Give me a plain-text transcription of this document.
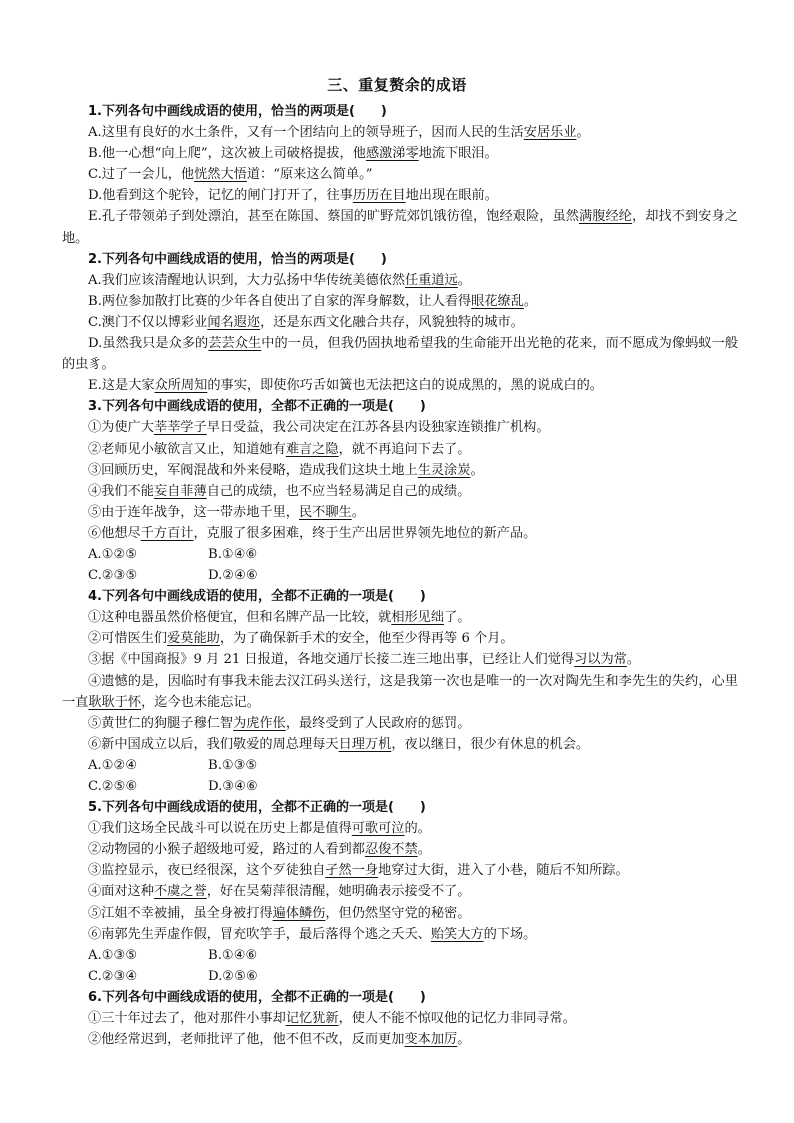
三、重复赘余的成语
1.下列各句中画线成语的使用，恰当的两项是(　　)
A.这里有良好的水土条件，又有一个团结向上的领导班子，因而人民的生活安居乐业。
B.他一心想“向上爬”，这次被上司破格提拔，他感激涕零地流下眼泪。
C.过了一会儿，他恍然大悟道：“原来这么简单。”
D.他看到这个驼铃，记忆的闸门打开了，往事历历在目地出现在眼前。
E.孔子带领弟子到处漂泊，甚至在陈国、蔡国的旷野荒郊饥饿彷徨，饱经艰险，虽然满腹经纶，却找不到安身之地。
2.下列各句中画线成语的使用，恰当的两项是(　　)
A.我们应该清醒地认识到，大力弘扬中华传统美德依然任重道远。
B.两位参加散打比赛的少年各自使出了自家的浑身解数，让人看得眼花缭乱。
C.澳门不仅以博彩业闻名遐迩，还是东西文化融合共存，风貌独特的城市。
D.虽然我只是众多的芸芸众生中的一员，但我仍固执地希望我的生命能开出光艳的花来，而不愿成为像蚂蚁一般的虫豸。
E.这是大家众所周知的事实，即使你巧舌如簧也无法把这白的说成黑的，黑的说成白的。
3.下列各句中画线成语的使用，全都不正确的一项是(　　)
①为使广大莘莘学子早日受益，我公司决定在江苏各县内设独家连锁推广机构。
②老师见小敏欲言又止，知道她有难言之隐，就不再追问下去了。
③回顾历史，军阀混战和外来侵略，造成我们这块土地上生灵涂炭。
④我们不能妄自菲薄自己的成绩，也不应当轻易满足自己的成绩。
⑤由于连年战争，这一带赤地千里，民不聊生。
⑥他想尽千方百计，克服了很多困难，终于生产出居世界领先地位的新产品。
A.①②⑤	B.①④⑥
C.②③⑤	D.②④⑥
4.下列各句中画线成语的使用，全都不正确的一项是(　　)
①这种电器虽然价格便宜，但和名牌产品一比较，就相形见绌了。
②可惜医生们爱莫能助，为了确保新手术的安全，他至少得再等 6 个月。
③据《中国商报》9 月 21 日报道，各地交通厅长接二连三地出事，已经让人们觉得习以为常。
④遗憾的是，因临时有事我未能去汉江码头送行，这是我第一次也是唯一的一次对陶先生和李先生的失约，心里一直耿耿于怀，迄今也未能忘记。
⑤黄世仁的狗腿子穆仁智为虎作伥，最终受到了人民政府的惩罚。
⑥新中国成立以后，我们敬爱的周总理每天日理万机，夜以继日，很少有休息的机会。
A.①②④	B.①③⑤
C.②⑤⑥	D.③④⑥
5.下列各句中画线成语的使用，全都不正确的一项是(　　)
①我们这场全民战斗可以说在历史上都是值得可歌可泣的。
②动物园的小猴子超级地可爱，路过的人看到都忍俊不禁。
③监控显示，夜已经很深，这个歹徒独自孑然一身地穿过大街，进入了小巷，随后不知所踪。
④面对这种不虞之誉，好在吴菊萍很清醒，她明确表示接受不了。
⑤江姐不幸被捕，虽全身被打得遍体鳞伤，但仍然坚守党的秘密。
⑥南郭先生弄虚作假，冒充吹竽手，最后落得个逃之夭夭、贻笑大方的下场。
A.①③⑤	B.①④⑥
C.②③④	D.②⑤⑥
6.下列各句中画线成语的使用，全都不正确的一项是(　　)
①三十年过去了，他对那件小事却记忆犹新，使人不能不惊叹他的记忆力非同寻常。
②他经常迟到，老师批评了他，他不但不改，反而更加变本加厉。
